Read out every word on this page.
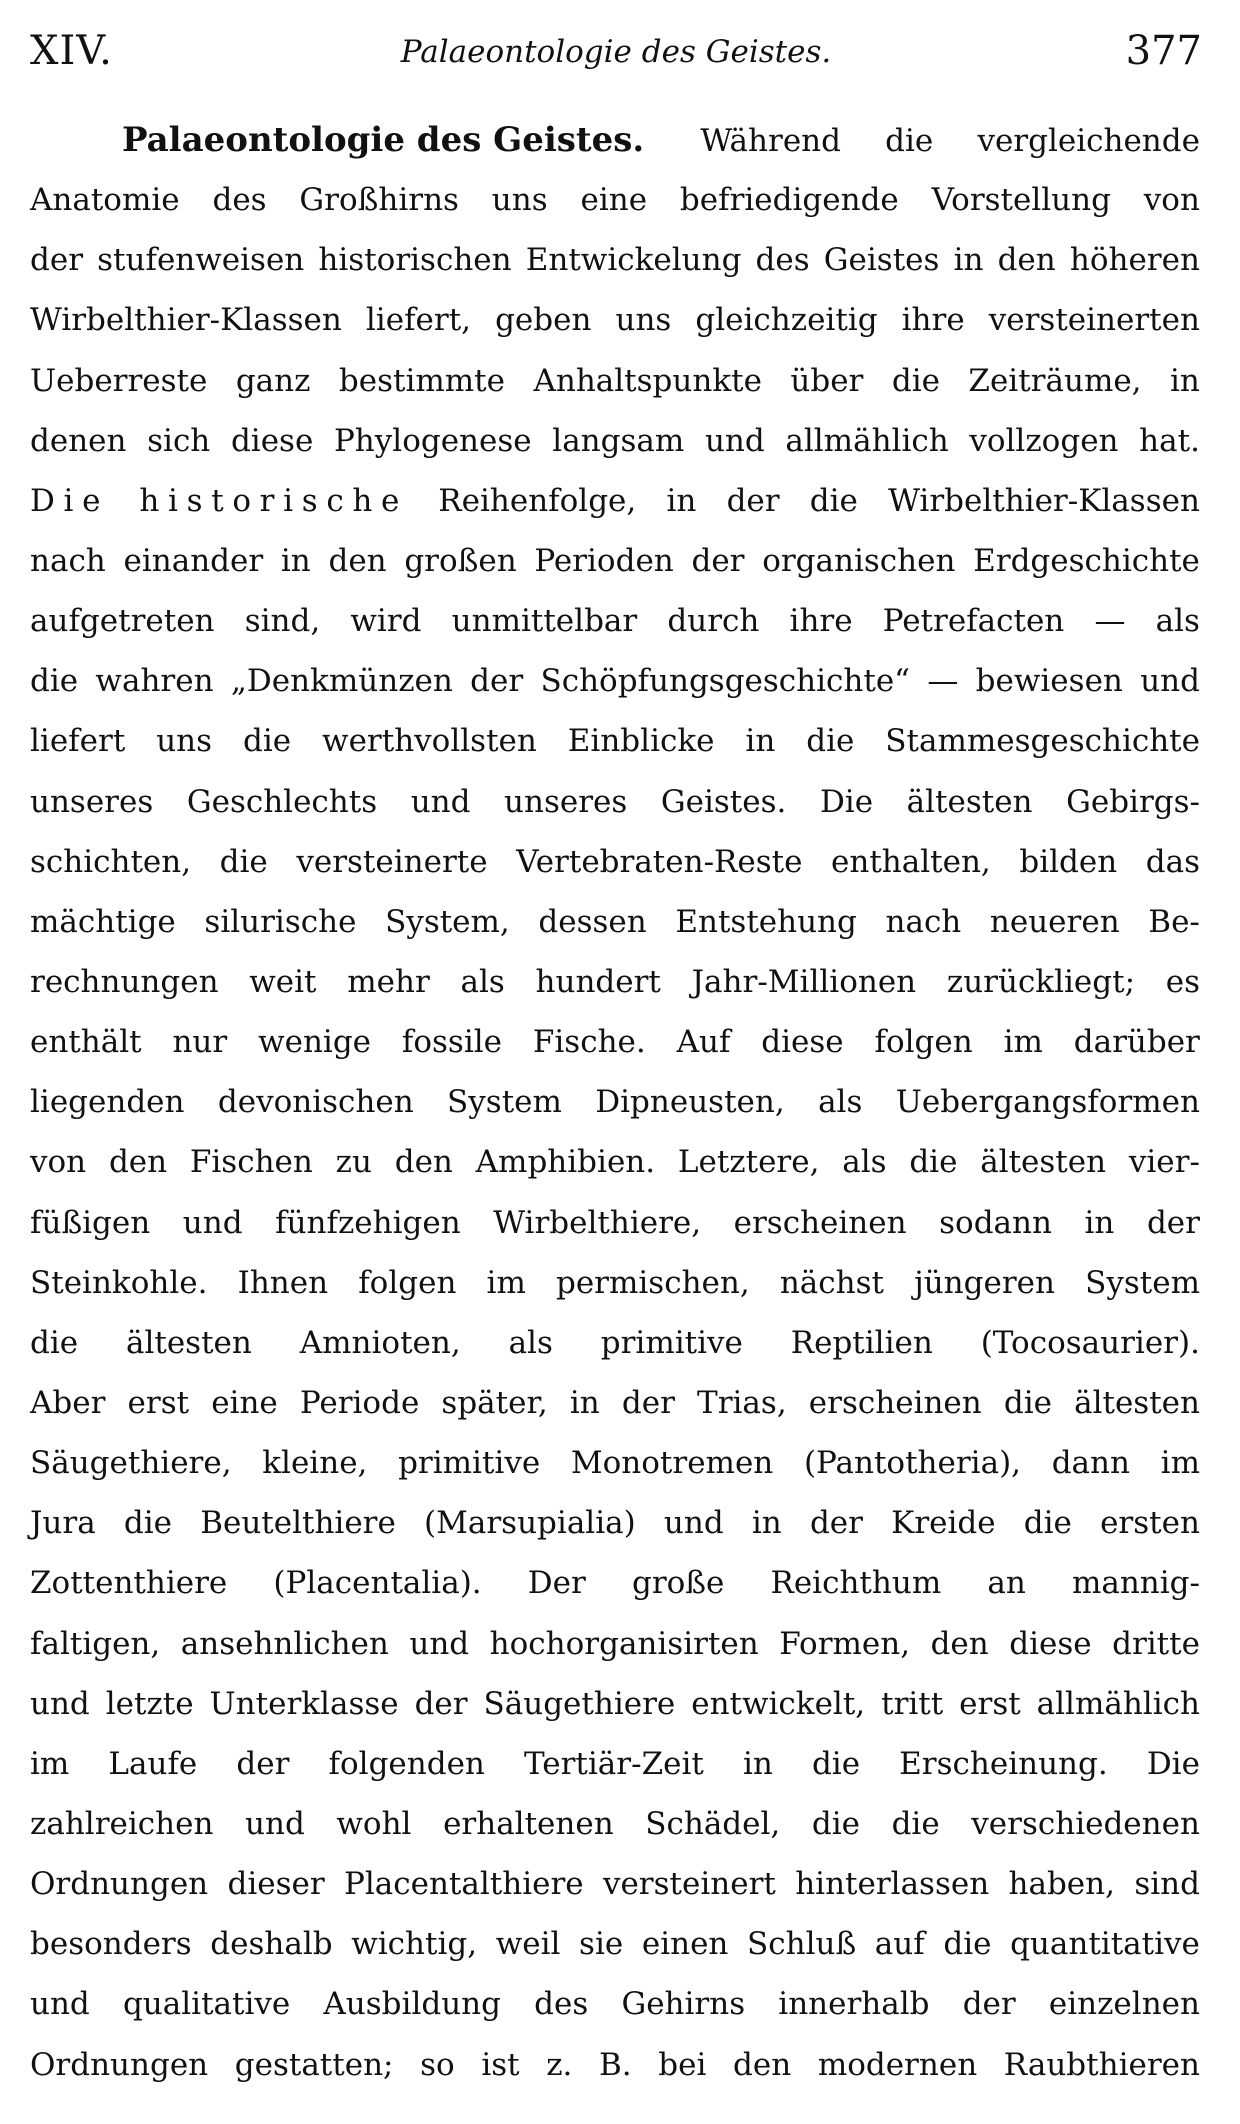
XIV.	Palaeontologie des Geistes.	377
Palaeontologie des Geistes. Während die vergleichende
Anatomie des Großhirns uns eine befriedigende Vorstellung von
der stufenweisen historischen Entwickelung des Geistes in den höheren
Wirbelthier-Klassen liefert, geben uns gleichzeitig ihre versteinerten
Ueberreste ganz bestimmte Anhaltspunkte über die Zeiträume, in
denen sich diese Phylogenese langsam und allmählich vollzogen hat.
Die historische Reihenfolge, in der die Wirbelthier-Klassen
nach einander in den großen Perioden der organischen Erdgeschichte
aufgetreten sind, wird unmittelbar durch ihre Petrefacten — als
die wahren „Denkmünzen der Schöpfungsgeschichte“ — bewiesen und
liefert uns die werthvollsten Einblicke in die Stammesgeschichte
unseres Geschlechts und unseres Geistes. Die ältesten Gebirgs-
schichten, die versteinerte Vertebraten-Reste enthalten, bilden das
mächtige silurische System, dessen Entstehung nach neueren Be-
rechnungen weit mehr als hundert Jahr-Millionen zurückliegt; es
enthält nur wenige fossile Fische. Auf diese folgen im darüber
liegenden devonischen System Dipneusten, als Uebergangsformen
von den Fischen zu den Amphibien. Letztere, als die ältesten vier-
füßigen und fünfzehigen Wirbelthiere, erscheinen sodann in der
Steinkohle. Ihnen folgen im permischen, nächst jüngeren System
die ältesten Amnioten, als primitive Reptilien (Tocosaurier).
Aber erst eine Periode später, in der Trias, erscheinen die ältesten
Säugethiere, kleine, primitive Monotremen (Pantotheria), dann im
Jura die Beutelthiere (Marsupialia) und in der Kreide die ersten
Zottenthiere (Placentalia). Der große Reichthum an mannig-
faltigen, ansehnlichen und hochorganisirten Formen, den diese dritte
und letzte Unterklasse der Säugethiere entwickelt, tritt erst allmählich
im Laufe der folgenden Tertiär-Zeit in die Erscheinung. Die
zahlreichen und wohl erhaltenen Schädel, die die verschiedenen
Ordnungen dieser Placentalthiere versteinert hinterlassen haben, sind
besonders deshalb wichtig, weil sie einen Schluß auf die quantitative
und qualitative Ausbildung des Gehirns innerhalb der einzelnen
Ordnungen gestatten; so ist z. B. bei den modernen Raubthieren
